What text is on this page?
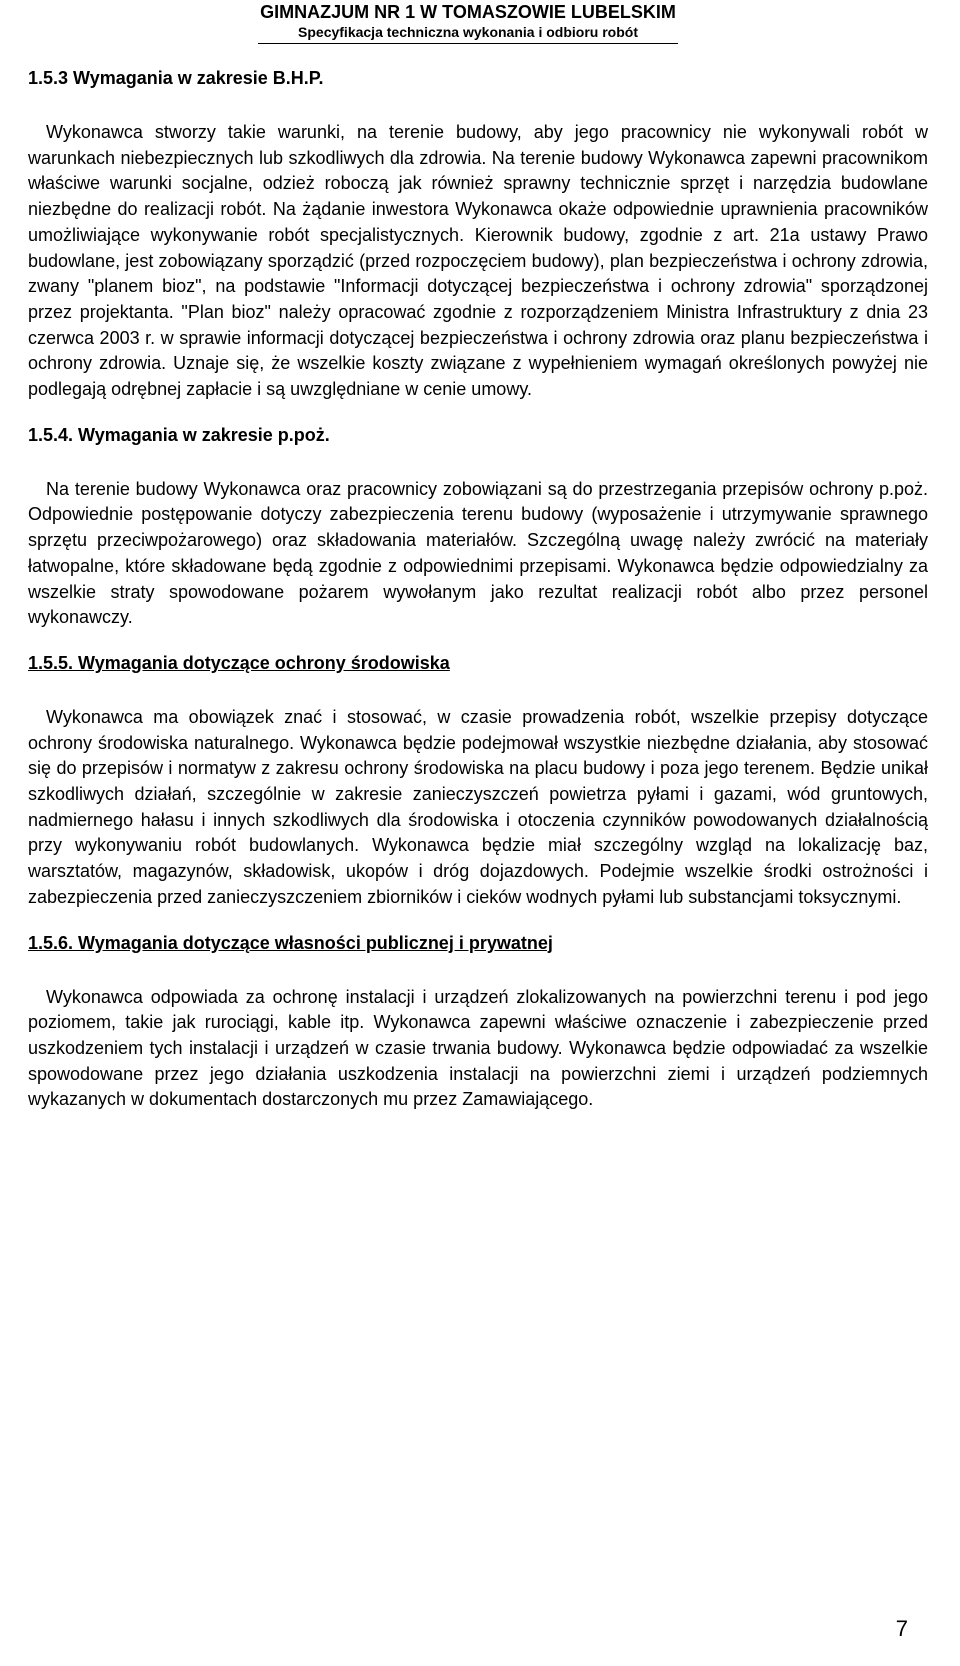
GIMNAZJUM NR 1 W TOMASZOWIE LUBELSKIM
Specyfikacja techniczna wykonania i odbioru robót
1.5.3 Wymagania w zakresie B.H.P.

Wykonawca stworzy takie warunki, na terenie budowy, aby jego pracownicy nie wykonywali robót w warunkach niebezpiecznych lub szkodliwych dla zdrowia. Na terenie budowy Wykonawca zapewni pracownikom właściwe warunki socjalne, odzież roboczą jak również sprawny technicznie sprzęt i narzędzia budowlane niezbędne do realizacji robót. Na żądanie inwestora Wykonawca okaże odpowiednie uprawnienia pracowników umożliwiające wykonywanie robót specjalistycznych. Kierownik budowy, zgodnie z art. 21a ustawy Prawo budowlane, jest zobowiązany sporządzić (przed rozpoczęciem budowy), plan bezpieczeństwa i ochrony zdrowia, zwany "planem bioz", na podstawie "Informacji dotyczącej bezpieczeństwa i ochrony zdrowia" sporządzonej przez projektanta. "Plan bioz" należy opracować zgodnie z rozporządzeniem Ministra Infrastruktury z dnia 23 czerwca 2003 r. w sprawie informacji dotyczącej bezpieczeństwa i ochrony zdrowia oraz planu bezpieczeństwa i ochrony zdrowia. Uznaje się, że wszelkie koszty związane z wypełnieniem wymagań określonych powyżej nie podlegają odrębnej zapłacie i są uwzględniane w cenie umowy.

1.5.4. Wymagania w zakresie p.poż.

Na terenie budowy Wykonawca oraz pracownicy zobowiązani są do przestrzegania przepisów ochrony p.poż. Odpowiednie postępowanie dotyczy zabezpieczenia terenu budowy (wyposażenie i utrzymywanie sprawnego sprzętu przeciwpożarowego) oraz składowania materiałów. Szczególną uwagę należy zwrócić na materiały łatwopalne, które składowane będą zgodnie z odpowiednimi przepisami. Wykonawca będzie odpowiedzialny za wszelkie straty spowodowane pożarem wywołanym jako rezultat realizacji robót albo przez personel wykonawczy.

1.5.5. Wymagania dotyczące ochrony środowiska

Wykonawca ma obowiązek znać i stosować, w czasie prowadzenia robót, wszelkie przepisy dotyczące ochrony środowiska naturalnego. Wykonawca będzie podejmował wszystkie niezbędne działania, aby stosować się do przepisów i normatyw z zakresu ochrony środowiska na placu budowy i poza jego terenem. Będzie unikał szkodliwych działań, szczególnie w zakresie zanieczyszczeń powietrza pyłami i gazami, wód gruntowych, nadmiernego hałasu i innych szkodliwych dla środowiska i otoczenia czynników powodowanych działalnością przy wykonywaniu robót budowlanych. Wykonawca będzie miał szczególny wzgląd na lokalizację baz, warsztatów, magazynów, składowisk, ukopów i dróg dojazdowych. Podejmie wszelkie środki ostrożności i zabezpieczenia przed zanieczyszczeniem zbiorników i cieków wodnych pyłami lub substancjami toksycznymi.

1.5.6. Wymagania dotyczące własności publicznej i prywatnej

Wykonawca odpowiada za ochronę instalacji i urządzeń zlokalizowanych na powierzchni terenu i pod jego poziomem, takie jak rurociągi, kable itp. Wykonawca zapewni właściwe oznaczenie i zabezpieczenie przed uszkodzeniem tych instalacji i urządzeń w czasie trwania budowy. Wykonawca będzie odpowiadać za wszelkie spowodowane przez jego działania uszkodzenia instalacji na powierzchni ziemi i urządzeń podziemnych wykazanych w dokumentach dostarczonych mu przez Zamawiającego.

7
